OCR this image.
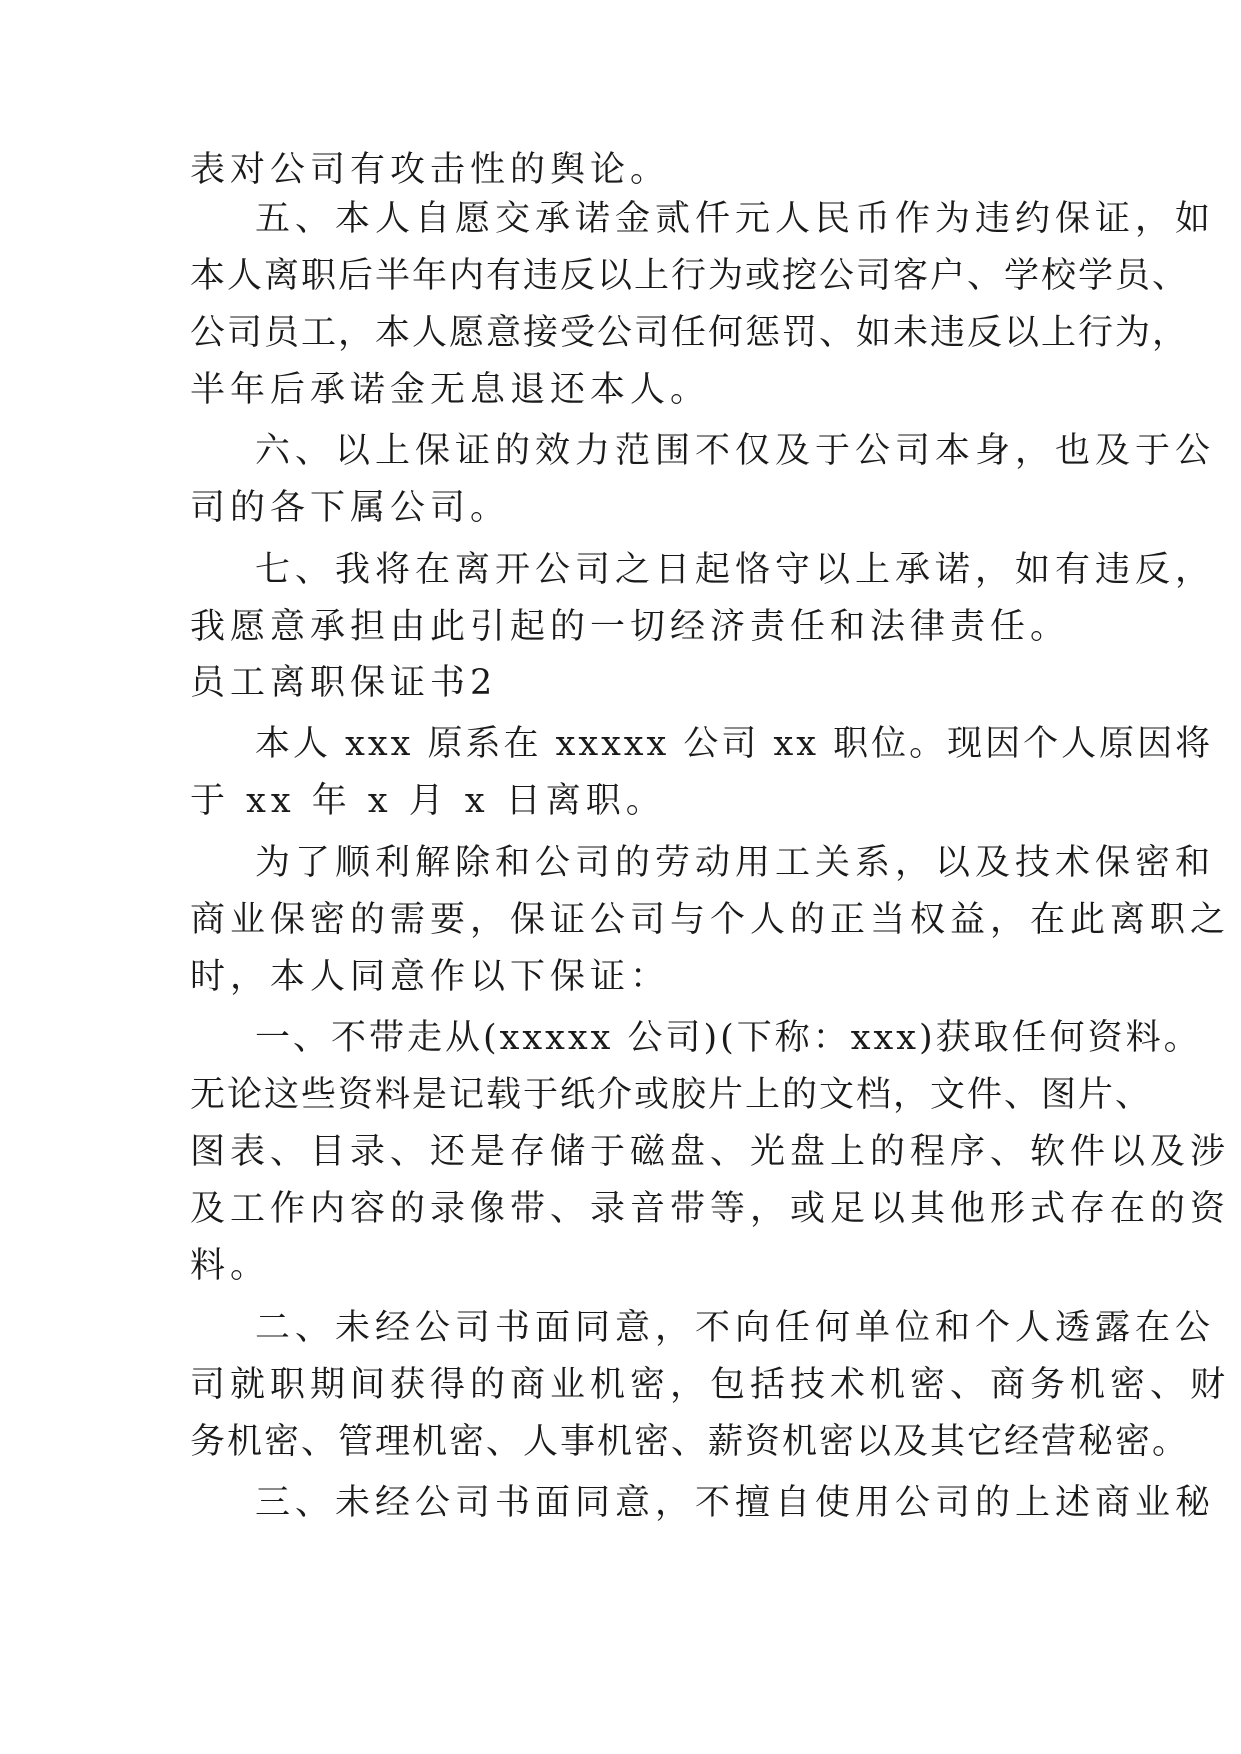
表对公司有攻击性的舆论。
五、本人自愿交承诺金贰仟元人民币作为违约保证，如
本人离职后半年内有违反以上行为或挖公司客户、学校学员、
公司员工，本人愿意接受公司任何惩罚、如未违反以上行为，
半年后承诺金无息退还本人。
六、以上保证的效力范围不仅及于公司本身，也及于公
司的各下属公司。
七、我将在离开公司之日起恪守以上承诺，如有违反，
我愿意承担由此引起的一切经济责任和法律责任。
员工离职保证书2
本人 xxx 原系在 xxxxx 公司 xx 职位。现因个人原因将
于 xx 年 x 月 x 日离职。
为了顺利解除和公司的劳动用工关系，以及技术保密和
商业保密的需要，保证公司与个人的正当权益，在此离职之
时，本人同意作以下保证：
一、不带走从(xxxxx 公司)(下称：xxx)获取任何资料。
无论这些资料是记载于纸介或胶片上的文档，文件、图片、
图表、目录、还是存储于磁盘、光盘上的程序、软件以及涉
及工作内容的录像带、录音带等，或足以其他形式存在的资
料。
二、未经公司书面同意，不向任何单位和个人透露在公
司就职期间获得的商业机密，包括技术机密、商务机密、财
务机密、管理机密、人事机密、薪资机密以及其它经营秘密。
三、未经公司书面同意，不擅自使用公司的上述商业秘
